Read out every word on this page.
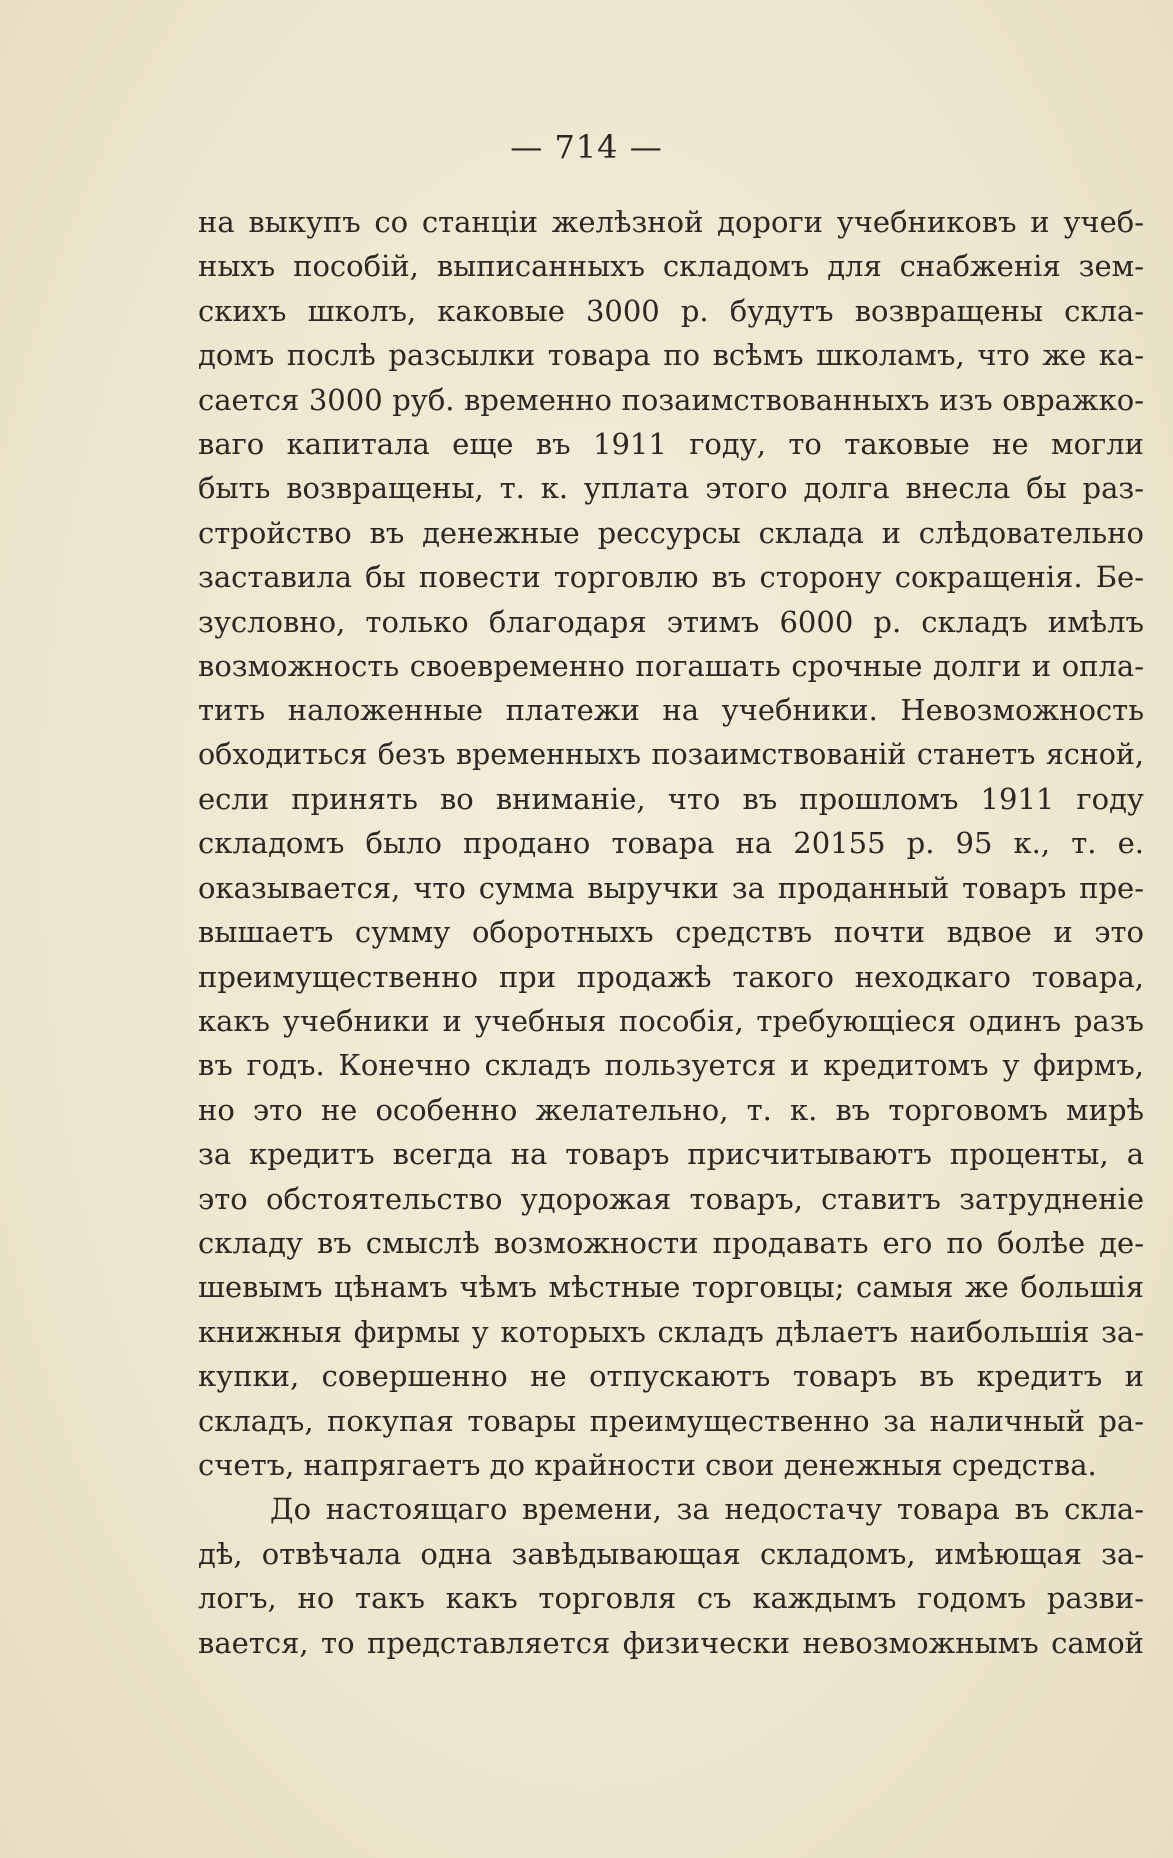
— 714 —
на выкупъ со станціи желѣзной дороги учебниковъ и учеб-
ныхъ пособій, выписанныхъ складомъ для снабженія зем-
скихъ школъ, каковые 3000 р. будутъ возвращены скла-
домъ послѣ разсылки товара по всѣмъ школамъ, что же ка-
сается 3000 руб. временно позаимствованныхъ изъ овражко-
ваго капитала еще въ 1911 году, то таковые не могли
быть возвращены, т. к. уплата этого долга внесла бы раз-
стройство въ денежные рессурсы склада и слѣдовательно
заставила бы повести торговлю въ сторону сокращенія. Бе-
зусловно, только благодаря этимъ 6000 р. складъ имѣлъ
возможность своевременно погашать срочные долги и опла-
тить наложенные платежи на учебники. Невозможность
обходиться безъ временныхъ позаимствованій станетъ ясной,
если принять во вниманіе, что въ прошломъ 1911 году
складомъ было продано товара на 20155 р. 95 к., т. е.
оказывается, что сумма выручки за проданный товаръ пре-
вышаетъ сумму оборотныхъ средствъ почти вдвое и это
преимущественно при продажѣ такого неходкаго товара,
какъ учебники и учебныя пособія, требующіеся одинъ разъ
въ годъ. Конечно складъ пользуется и кредитомъ у фирмъ,
но это не особенно желательно, т. к. въ торговомъ мирѣ
за кредитъ всегда на товаръ присчитываютъ проценты, а
это обстоятельство удорожая товаръ, ставитъ затрудненіе
складу въ смыслѣ возможности продавать его по болѣе де-
шевымъ цѣнамъ чѣмъ мѣстные торговцы; самыя же большія
книжныя фирмы у которыхъ складъ дѣлаетъ наибольшія за-
купки, совершенно не отпускаютъ товаръ въ кредитъ и
складъ, покупая товары преимущественно за наличный ра-
счетъ, напрягаетъ до крайности свои денежныя средства.
До настоящаго времени, за недостачу товара въ скла-
дѣ, отвѣчала одна завѣдывающая складомъ, имѣющая за-
логъ, но такъ какъ торговля съ каждымъ годомъ разви-
вается, то представляется физически невозможнымъ самой
